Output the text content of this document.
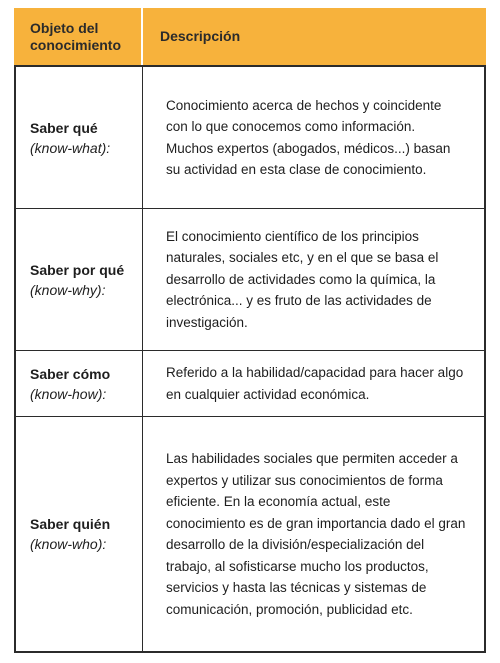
Objeto del conocimiento
Descripción
Saber qué
(know-what):
Conocimiento acerca de hechos y coincidente con lo que conocemos como información. Muchos expertos (abogados, médicos...) basan su actividad en esta clase de conocimiento.
Saber por qué
(know-why):
El conocimiento científico de los principios naturales, sociales etc, y en el que se basa el desarrollo de actividades como la química, la electrónica... y es fruto de las actividades de investigación.
Saber cómo
(know-how):
Referido a la habilidad/capacidad para hacer algo en cualquier actividad económica.
Saber quién
(know-who):
Las habilidades sociales que permiten acceder a expertos y utilizar sus conocimientos de forma eficiente. En la economía actual, este conocimiento es de gran importancia dado el gran desarrollo de la división/especialización del trabajo, al sofisticarse mucho los productos, servicios y hasta las técnicas y sistemas de comunicación, promoción, publicidad etc.
